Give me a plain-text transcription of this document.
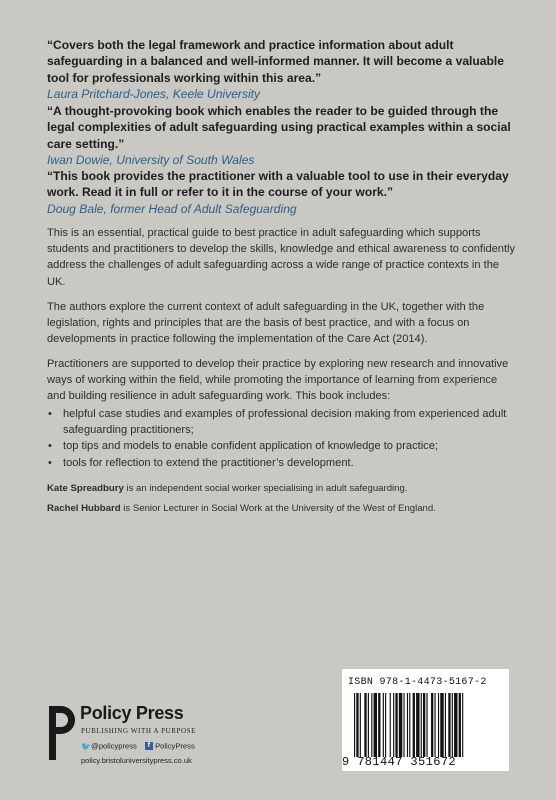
“Covers both the legal framework and practice information about adult safeguarding in a balanced and well-informed manner. It will become a valuable tool for professionals working within this area.”
Laura Pritchard-Jones, Keele University
“A thought-provoking book which enables the reader to be guided through the legal complexities of adult safeguarding using practical examples within a social care setting.”
Iwan Dowie, University of South Wales
“This book provides the practitioner with a valuable tool to use in their everyday work. Read it in full or refer to it in the course of your work.”
Doug Bale, former Head of Adult Safeguarding

This is an essential, practical guide to best practice in adult safeguarding which supports students and practitioners to develop the skills, knowledge and ethical awareness to confidently address the challenges of adult safeguarding across a wide range of practice contexts in the UK.

The authors explore the current context of adult safeguarding in the UK, together with the legislation, rights and principles that are the basis of best practice, and with a focus on developments in practice following the implementation of the Care Act (2014).

Practitioners are supported to develop their practice by exploring new research and innovative ways of working within the field, while promoting the importance of learning from experience and building resilience in adult safeguarding work. This book includes:

• helpful case studies and examples of professional decision making from experienced adult safeguarding practitioners;
• top tips and models to enable confident application of knowledge to practice;
• tools for reflection to extend the practitioner’s development.
Kate Spreadbury is an independent social worker specialising in adult safeguarding.
Rachel Hubbard is Senior Lecturer in Social Work at the University of the West of England.
Policy Press
PUBLISHING WITH A PURPOSE
🐦 @policypress f PolicyPress
policy.bristoluniversitypress.co.uk
ISBN 978-1-4473-5167-2
9 781447 351672
